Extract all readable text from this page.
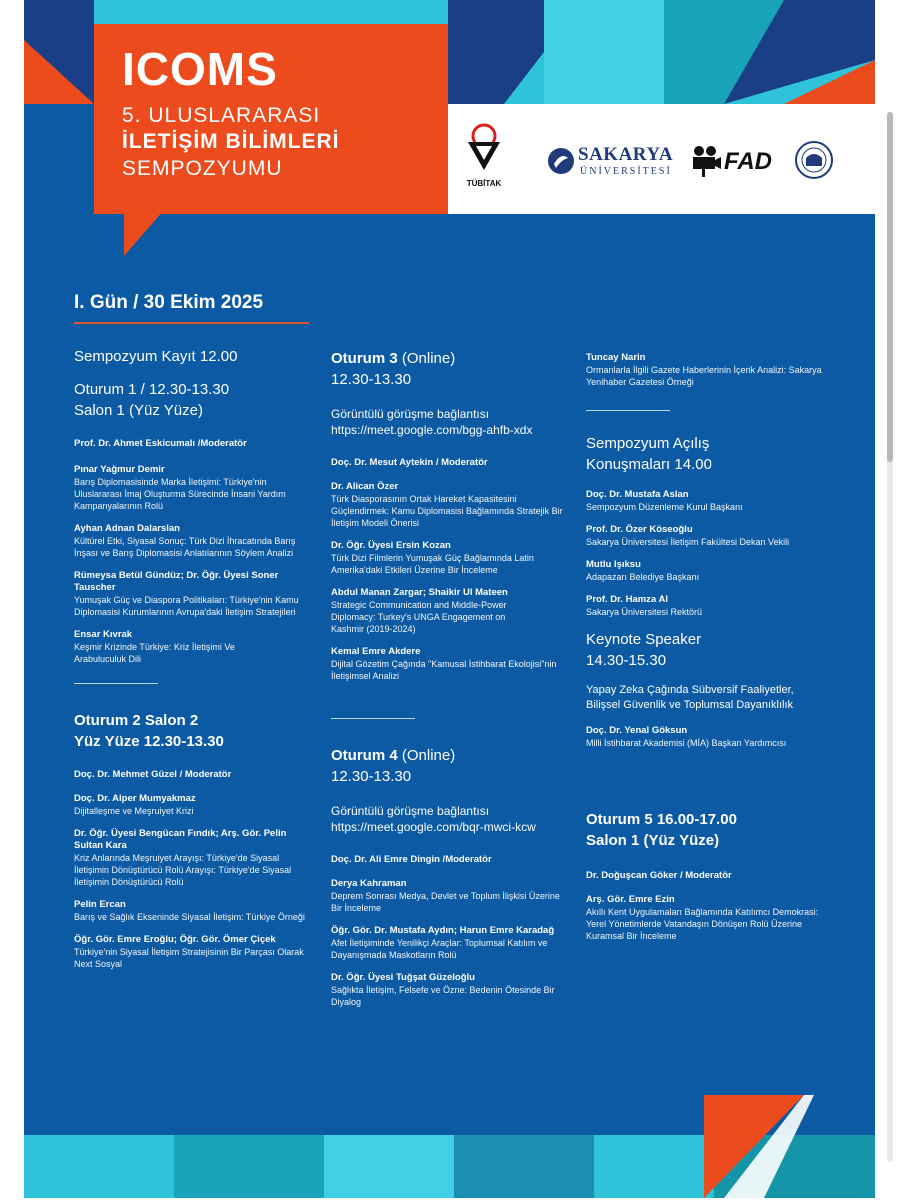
ICOMS
5. ULUSLARARASI
İLETİŞİM BİLİMLERİ
SEMPOZYUMU
TÜBİTAK
SAKARYA
ÜNİVERSİTESİ FAD
I. Gün / 30 Ekim 2025
Sempozyum Kayıt 12.00
Oturum 1 / 12.30-13.30
Salon 1 (Yüz Yüze)
Prof. Dr. Ahmet Eskicumalı /Moderatör
Pınar Yağmur Demir
Barış Diplomasisinde Marka İletişimi: Türkiye'nin Uluslararası İmaj Oluşturma Sürecinde İnsani Yardım Kampanyalarının Rolü
Ayhan Adnan Dalarslan
Kültürel Etki, Siyasal Sonuç: Türk Dizi İhracatında Barış İnşası ve Barış Diplomasisi Anlatılarının Söylem Analizi
Rümeysa Betül Gündüz; Dr. Öğr. Üyesi Soner Tauscher
Yumuşak Güç ve Diaspora Politikaları: Türkiye'nin Kamu Diplomasisi Kurumlarının Avrupa'daki İletişim Stratejileri
Ensar Kıvrak
Keşmir Krizinde Türkiye: Kriz İletişimi Ve Arabuluculuk Dili
Oturum 2 Salon 2
Yüz Yüze 12.30-13.30
Doç. Dr. Mehmet Güzel / Moderatör
Doç. Dr. Alper Mumyakmaz
Dijitalleşme ve Meşruiyet Krizi
Dr. Öğr. Üyesi Bengücan Fındık; Arş. Gör. Pelin Sultan Kara
Kriz Anlarında Meşruiyet Arayışı: Türkiye'de Siyasal İletişimin Dönüştürücü Rolü Arayışı: Türkiye'de Siyasal İletişimin Dönüştürücü Rolü
Pelin Ercan
Barış ve Sağlık Ekseninde Siyasal İletişim: Türkiye Örneği
Öğr. Gör. Emre Eroğlu; Öğr. Gör. Ömer Çiçek
Türkiye'nin Siyasal İletişim Stratejisinin Bir Parçası Olarak Next Sosyal
Oturum 3 (Online)
12.30-13.30
Görüntülü görüşme bağlantısı
https://meet.google.com/bgg-ahfb-xdx
Doç. Dr. Mesut Aytekin / Moderatör
Dr. Alican Özer
Türk Diasporasının Ortak Hareket Kapasitesini Güçlendirmek: Kamu Diplomasisi Bağlamında Stratejik Bir İletişim Modeli Önerisi
Dr. Öğr. Üyesi Ersin Kozan
Türk Dizi Filmlerin Yumuşak Güç Bağlamında Latin Amerika'daki Etkileri Üzerine Bir İnceleme
Abdul Manan Zargar; Shaikir Ul Mateen
Strategic Communication and Middle-Power Diplomacy: Turkey's UNGA Engagement on Kashmir (2019-2024)
Kemal Emre Akdere
Dijital Gözetim Çağında "Kamusal İstihbarat Ekolojisi"nin İletişimsel Analizi
Oturum 4 (Online)
12.30-13.30
Görüntülü görüşme bağlantısı
https://meet.google.com/bqr-mwci-kcw
Doç. Dr. Ali Emre Dingin /Moderatör
Derya Kahraman
Deprem Sonrası Medya, Devlet ve Toplum İlişkisi Üzerine Bir İnceleme
Öğr. Gör. Dr. Mustafa Aydın; Harun Emre Karadağ
Afet İletişiminde Yenilikçi Araçlar: Toplumsal Katılım ve Dayanışmada Maskotların Rolü
Dr. Öğr. Üyesi Tuğşat Güzeloğlu
Sağlıkta İletişim, Felsefe ve Özne: Bedenin Ötesinde Bir Diyalog
Tuncay Narin
Ormanlarla İlgili Gazete Haberlerinin İçerik Analizi: Sakarya Yenihaber Gazetesi Örneği
Sempozyum Açılış
Konuşmaları 14.00
Doç. Dr. Mustafa Aslan
Sempozyum Düzenleme Kurul Başkanı
Prof. Dr. Özer Köseoğlu
Sakarya Üniversitesi İletişim Fakültesi Dekan Vekili
Mutlu Işıksu
Adapazarı Belediye Başkanı
Prof. Dr. Hamza Al
Sakarya Üniversitesi Rektörü
Keynote Speaker
14.30-15.30
Yapay Zeka Çağında Sübversif Faaliyetler, Bilişsel Güvenlik ve Toplumsal Dayanıklılık
Doç. Dr. Yenal Göksun
Milli İstihbarat Akademisi (MİA) Başkan Yardımcısı
Oturum 5 16.00-17.00
Salon 1 (Yüz Yüze)
Dr. Doğuşcan Göker / Moderatör
Arş. Gör. Emre Ezin
Akıllı Kent Uygulamaları Bağlamında Katılımcı Demokrasi: Yerel Yönetimlerde Vatandaşın Dönüşen Rolü Üzerine Kuramsal Bir İnceleme
